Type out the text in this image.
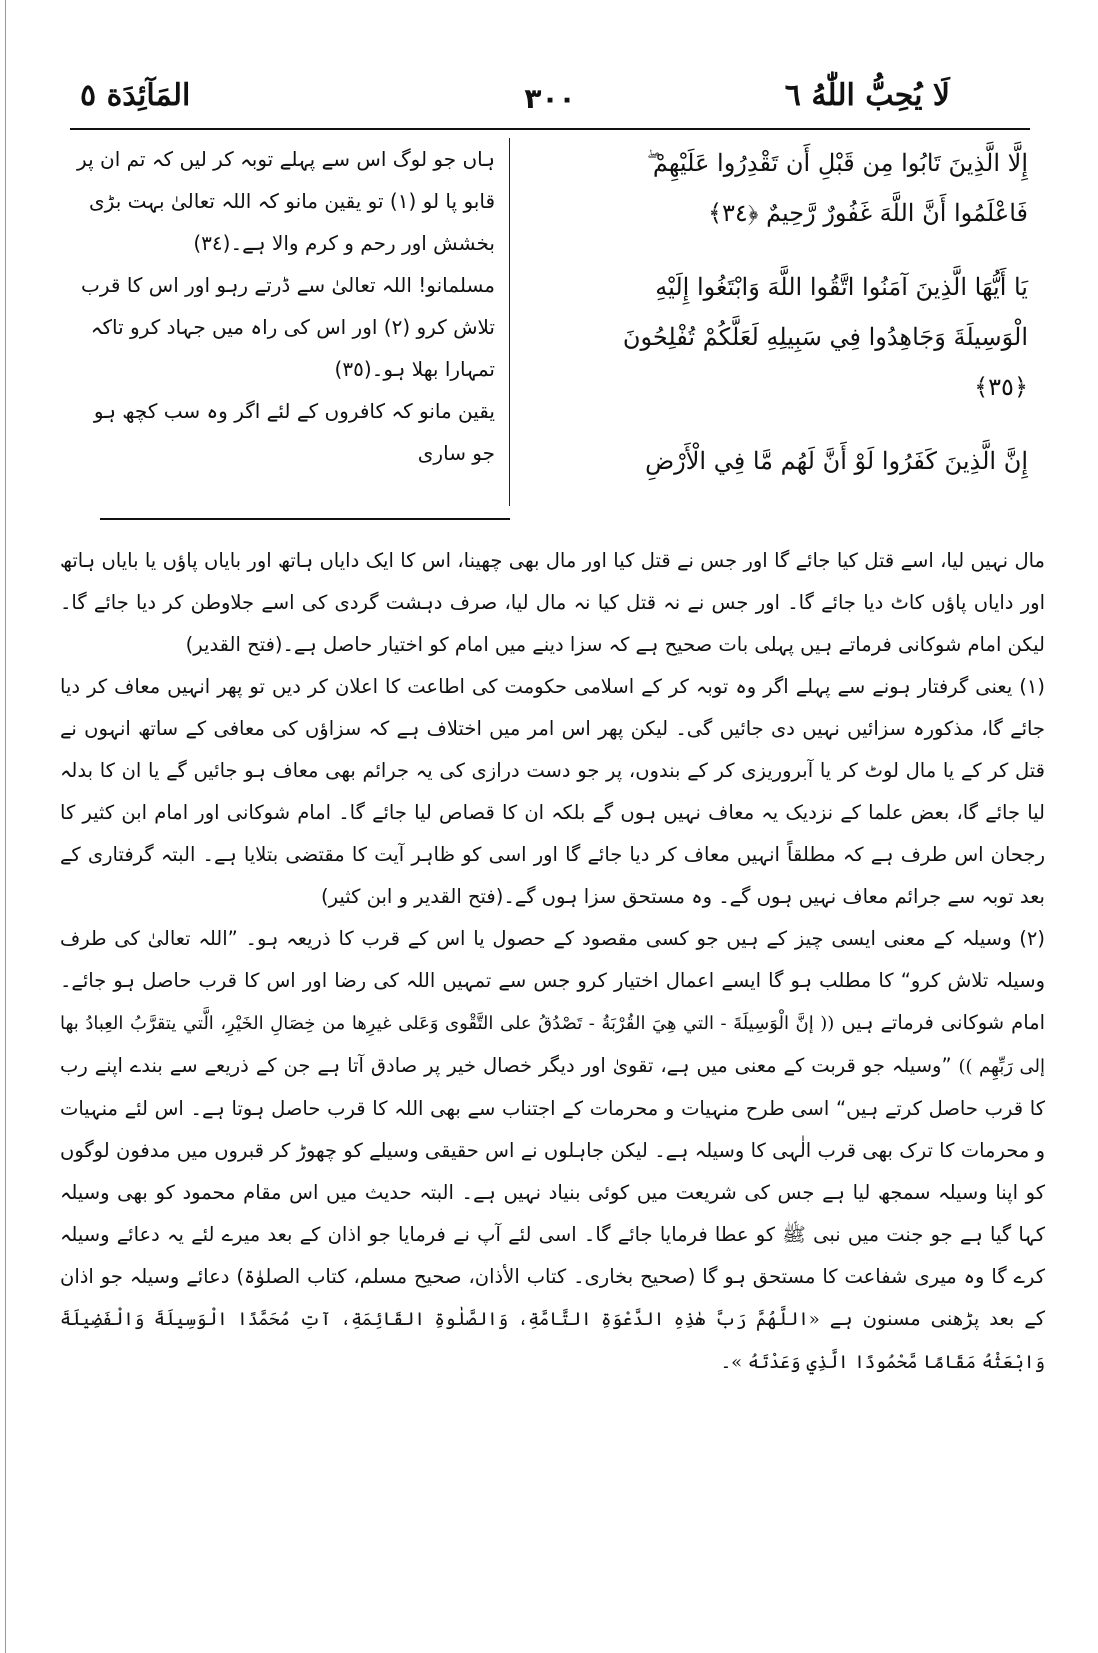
لَا يُحِبُّ اللّٰهُ ٦
٣٠٠
المَآئِدَة ٥

إِلَّا الَّذِينَ تَابُوا مِن قَبْلِ أَن تَقْدِرُوا عَلَيْهِمْ ۖ فَاعْلَمُوا أَنَّ اللَّهَ غَفُورٌ رَّحِيمٌ ﴿٣٤﴾

يَا أَيُّهَا الَّذِينَ آمَنُوا اتَّقُوا اللَّهَ وَابْتَغُوا إِلَيْهِ الْوَسِيلَةَ وَجَاهِدُوا فِي سَبِيلِهِ لَعَلَّكُمْ تُفْلِحُونَ ﴿٣٥﴾

إِنَّ الَّذِينَ كَفَرُوا لَوْ أَنَّ لَهُم مَّا فِي الْأَرْضِ

ہاں جو لوگ اس سے پہلے توبہ کر لیں کہ تم ان پر قابو پا لو (١) تو یقین مانو کہ اللہ تعالیٰ بہت بڑی بخشش اور رحم و کرم والا ہے۔(٣٤)

مسلمانو! اللہ تعالیٰ سے ڈرتے رہو اور اس کا قرب تلاش کرو (٢) اور اس کی راہ میں جہاد کرو تاکہ تمہارا بھلا ہو۔(٣٥)

یقین مانو کہ کافروں کے لئے اگر وہ سب کچھ ہو جو ساری

مال نہیں لیا، اسے قتل کیا جائے گا اور جس نے قتل کیا اور مال بھی چھینا، اس کا ایک دایاں ہاتھ اور بایاں پاؤں یا بایاں ہاتھ اور دایاں پاؤں کاٹ دیا جائے گا۔ اور جس نے نہ قتل کیا نہ مال لیا، صرف دہشت گردی کی اسے جلاوطن کر دیا جائے گا۔ لیکن امام شوکانی فرماتے ہیں پہلی بات صحیح ہے کہ سزا دینے میں امام کو اختیار حاصل ہے۔(فتح القدیر)

(١) یعنی گرفتار ہونے سے پہلے اگر وہ توبہ کر کے اسلامی حکومت کی اطاعت کا اعلان کر دیں تو پھر انہیں معاف کر دیا جائے گا، مذکورہ سزائیں نہیں دی جائیں گی۔ لیکن پھر اس امر میں اختلاف ہے کہ سزاؤں کی معافی کے ساتھ انہوں نے قتل کر کے یا مال لوٹ کر یا آبروریزی کر کے بندوں، پر جو دست درازی کی یہ جرائم بھی معاف ہو جائیں گے یا ان کا بدلہ لیا جائے گا، بعض علما کے نزدیک یہ معاف نہیں ہوں گے بلکہ ان کا قصاص لیا جائے گا۔ امام شوکانی اور امام ابن کثیر کا رجحان اس طرف ہے کہ مطلقاً انہیں معاف کر دیا جائے گا اور اسی کو ظاہر آیت کا مقتضی بتلایا ہے۔ البتہ گرفتاری کے بعد توبہ سے جرائم معاف نہیں ہوں گے۔ وہ مستحق سزا ہوں گے۔(فتح القدیر و ابن کثیر)

(٢) وسیلہ کے معنی ایسی چیز کے ہیں جو کسی مقصود کے حصول یا اس کے قرب کا ذریعہ ہو۔ ”اللہ تعالیٰ کی طرف وسیلہ تلاش کرو“ کا مطلب ہو گا ایسے اعمال اختیار کرو جس سے تمہیں اللہ کی رضا اور اس کا قرب حاصل ہو جائے۔ امام شوکانی فرماتے ہیں (( إنَّ الْوَسِيلَةَ - التي هِيَ القُرْبَةُ - تَصْدُقُ على التَّقْوى وَعَلى غيرِها من خِصَالِ الخَيْرِ، الَّتي يتقرَّبُ العِبادُ بها إلى رَبِّهِم )) ”وسیلہ جو قربت کے معنی میں ہے، تقویٰ اور دیگر خصال خیر پر صادق آتا ہے جن کے ذریعے سے بندے اپنے رب کا قرب حاصل کرتے ہیں“ اسی طرح منہیات و محرمات کے اجتناب سے بھی اللہ کا قرب حاصل ہوتا ہے۔ اس لئے منہیات و محرمات کا ترک بھی قرب الٰہی کا وسیلہ ہے۔ لیکن جاہلوں نے اس حقیقی وسیلے کو چھوڑ کر قبروں میں مدفون لوگوں کو اپنا وسیلہ سمجھ لیا ہے جس کی شریعت میں کوئی بنیاد نہیں ہے۔ البتہ حدیث میں اس مقام محمود کو بھی وسیلہ کہا گیا ہے جو جنت میں نبی ﷺ کو عطا فرمایا جائے گا۔ اسی لئے آپ نے فرمایا جو اذان کے بعد میرے لئے یہ دعائے وسیلہ کرے گا وہ میری شفاعت کا مستحق ہو گا (صحیح بخاری۔ کتاب الأذان، صحیح مسلم، کتاب الصلوٰۃ) دعائے وسیلہ جو اذان کے بعد پڑھنی مسنون ہے «اللَّهُمَّ رَبَّ هٰذِهِ الدَّعْوَةِ التَّامَّةِ، وَالصَّلٰوةِ القَائِمَةِ، آتِ مُحَمَّدًا الْوَسِيلَةَ وَالْفَضِيلَةَ وَابْعَثْهُ مَقَامًا مَّحْمُودًا الَّذِي وَعَدْتَهُ »۔
